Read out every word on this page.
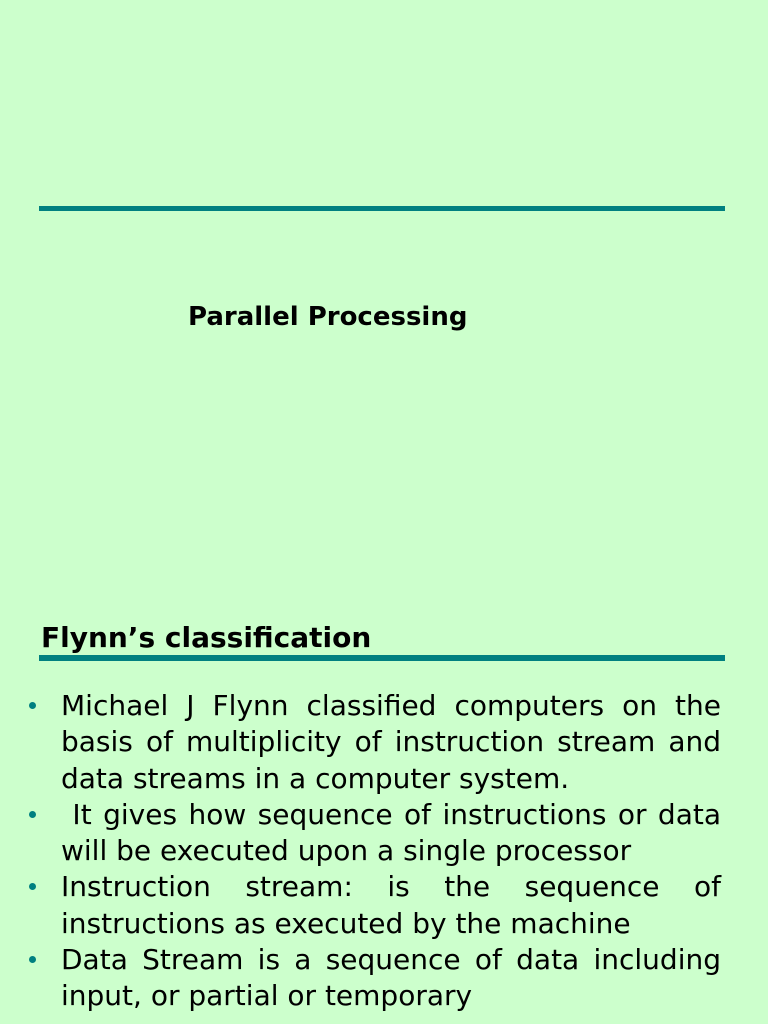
Parallel Processing
Flynn’s classification
Michael J Flynn classified computers on the basis of multiplicity of instruction stream and data streams in a computer system.
It gives how sequence of instructions or data will be executed upon a single processor
Instruction stream: is the sequence of instructions as executed by the machine
Data Stream is a sequence of data including input, or partial or temporary
